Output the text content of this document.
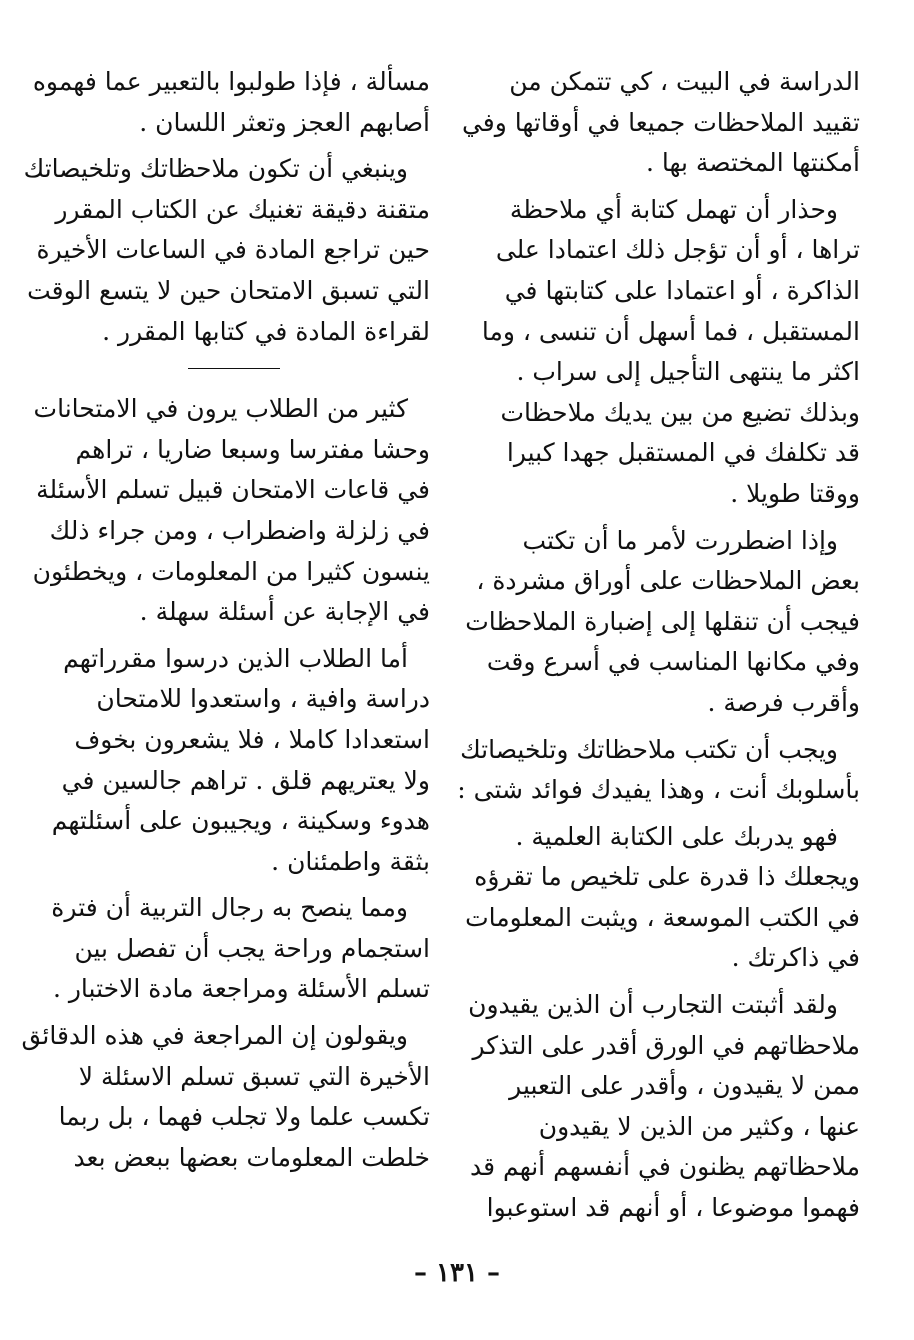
الدراسة في البيت ، كي تتمكن من
تقييد الملاحظات جميعا في أوقاتها وفي
أمكنتها المختصة بها .
وحذار أن تهمل كتابة أي ملاحظة
تراها ، أو أن تؤجل ذلك اعتمادا على
الذاكرة ، أو اعتمادا على كتابتها في
المستقبل ، فما أسهل أن تنسى ، وما
اكثر ما ينتهى التأجيل إلى سراب .
وبذلك تضيع من بين يديك ملاحظات
قد تكلفك في المستقبل جهدا كبيرا
ووقتا طويلا .
وإذا اضطررت لأمر ما أن تكتب
بعض الملاحظات على أوراق مشردة ،
فيجب أن تنقلها إلى إضبارة الملاحظات
وفي مكانها المناسب في أسرع وقت
وأقرب فرصة .
ويجب أن تكتب ملاحظاتك وتلخيصاتك
بأسلوبك أنت ، وهذا يفيدك فوائد شتى :
فهو يدربك على الكتابة العلمية .
ويجعلك ذا قدرة على تلخيص ما تقرؤه
في الكتب الموسعة ، ويثبت المعلومات
في ذاكرتك .
ولقد أثبتت التجارب أن الذين يقيدون
ملاحظاتهم في الورق أقدر على التذكر
ممن لا يقيدون ، وأقدر على التعبير
عنها ، وكثير من الذين لا يقيدون
ملاحظاتهم يظنون في أنفسهم أنهم قد
فهموا موضوعا ، أو أنهم قد استوعبوا
مسألة ، فإذا طولبوا بالتعبير عما فهموه
أصابهم العجز وتعثر اللسان .
وينبغي أن تكون ملاحظاتك وتلخيصاتك
متقنة دقيقة تغنيك عن الكتاب المقرر
حين تراجع المادة في الساعات الأخيرة
التي تسبق الامتحان حين لا يتسع الوقت
لقراءة المادة في كتابها المقرر .
كثير من الطلاب يرون في الامتحانات
وحشا مفترسا وسبعا ضاريا ، تراهم
في قاعات الامتحان قبيل تسلم الأسئلة
في زلزلة واضطراب ، ومن جراء ذلك
ينسون كثيرا من المعلومات ، ويخطئون
في الإجابة عن أسئلة سهلة .
أما الطلاب الذين درسوا مقرراتهم
دراسة وافية ، واستعدوا للامتحان
استعدادا كاملا ، فلا يشعرون بخوف
ولا يعتريهم قلق . تراهم جالسين في
هدوء وسكينة ، ويجيبون على أسئلتهم
بثقة واطمئنان .
ومما ينصح به رجال التربية أن فترة
استجمام وراحة يجب أن تفصل بين
تسلم الأسئلة ومراجعة مادة الاختبار .
ويقولون إن المراجعة في هذه الدقائق
الأخيرة التي تسبق تسلم الاسئلة لا
تكسب علما ولا تجلب فهما ، بل ربما
خلطت المعلومات بعضها ببعض بعد
– ١٣١ –
